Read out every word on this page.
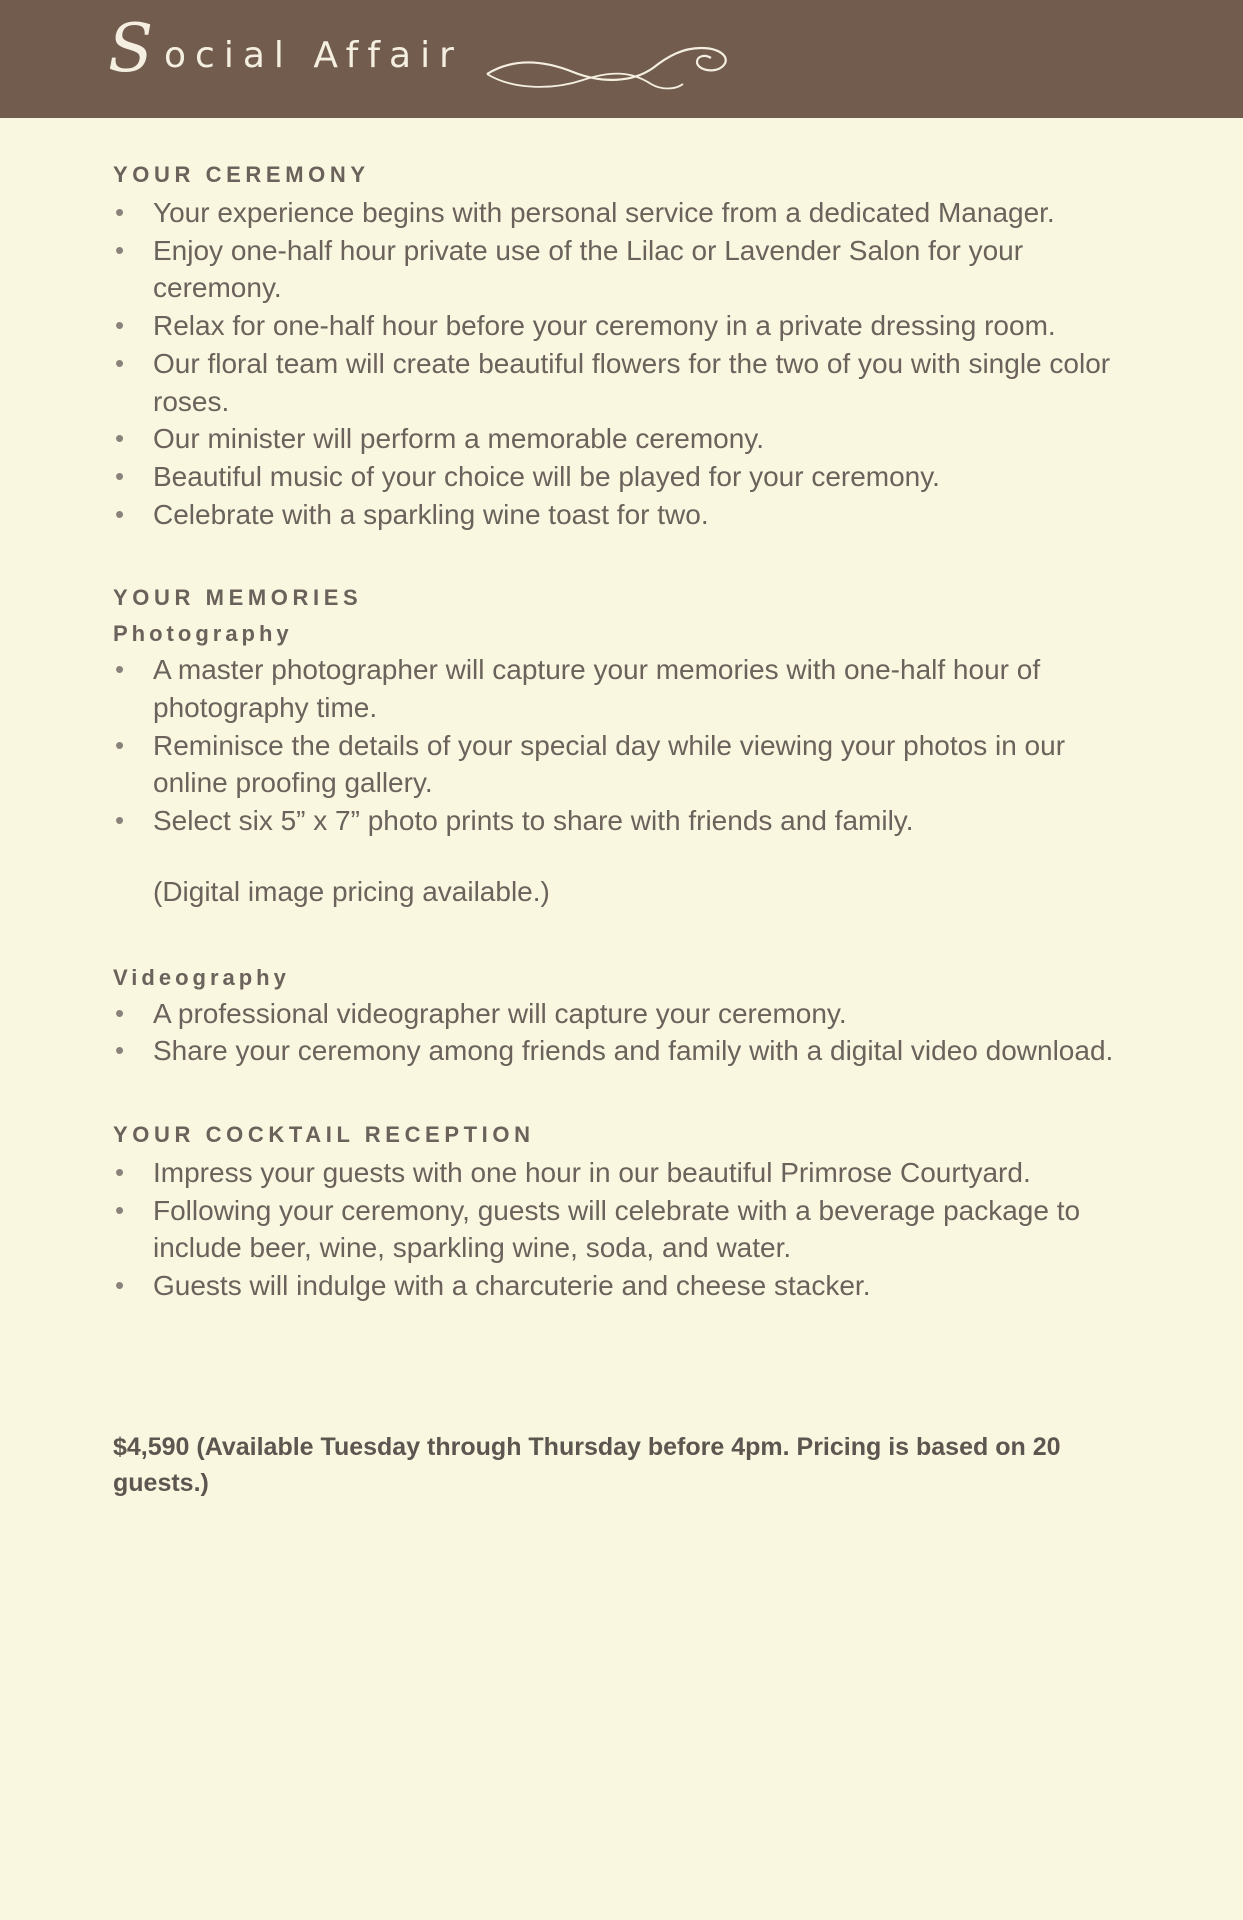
S ocial Affair
YOUR CEREMONY
• Your experience begins with personal service from a dedicated Manager.
• Enjoy one-half hour private use of the Lilac or Lavender Salon for your ceremony.
• Relax for one-half hour before your ceremony in a private dressing room.
• Our floral team will create beautiful flowers for the two of you with single color roses.
• Our minister will perform a memorable ceremony.
• Beautiful music of your choice will be played for your ceremony.
• Celebrate with a sparkling wine toast for two.
YOUR MEMORIES
Photography
• A master photographer will capture your memories with one-half hour of photography time.
• Reminisce the details of your special day while viewing your photos in our online proofing gallery.
• Select six 5” x 7” photo prints to share with friends and family.
(Digital image pricing available.)
Videography
• A professional videographer will capture your ceremony.
• Share your ceremony among friends and family with a digital video download.
YOUR COCKTAIL RECEPTION
• Impress your guests with one hour in our beautiful Primrose Courtyard.
• Following your ceremony, guests will celebrate with a beverage package to include beer, wine, sparkling wine, soda, and water.
• Guests will indulge with a charcuterie and cheese stacker.
$4,590 (Available Tuesday through Thursday before 4pm. Pricing is based on 20 guests.)
